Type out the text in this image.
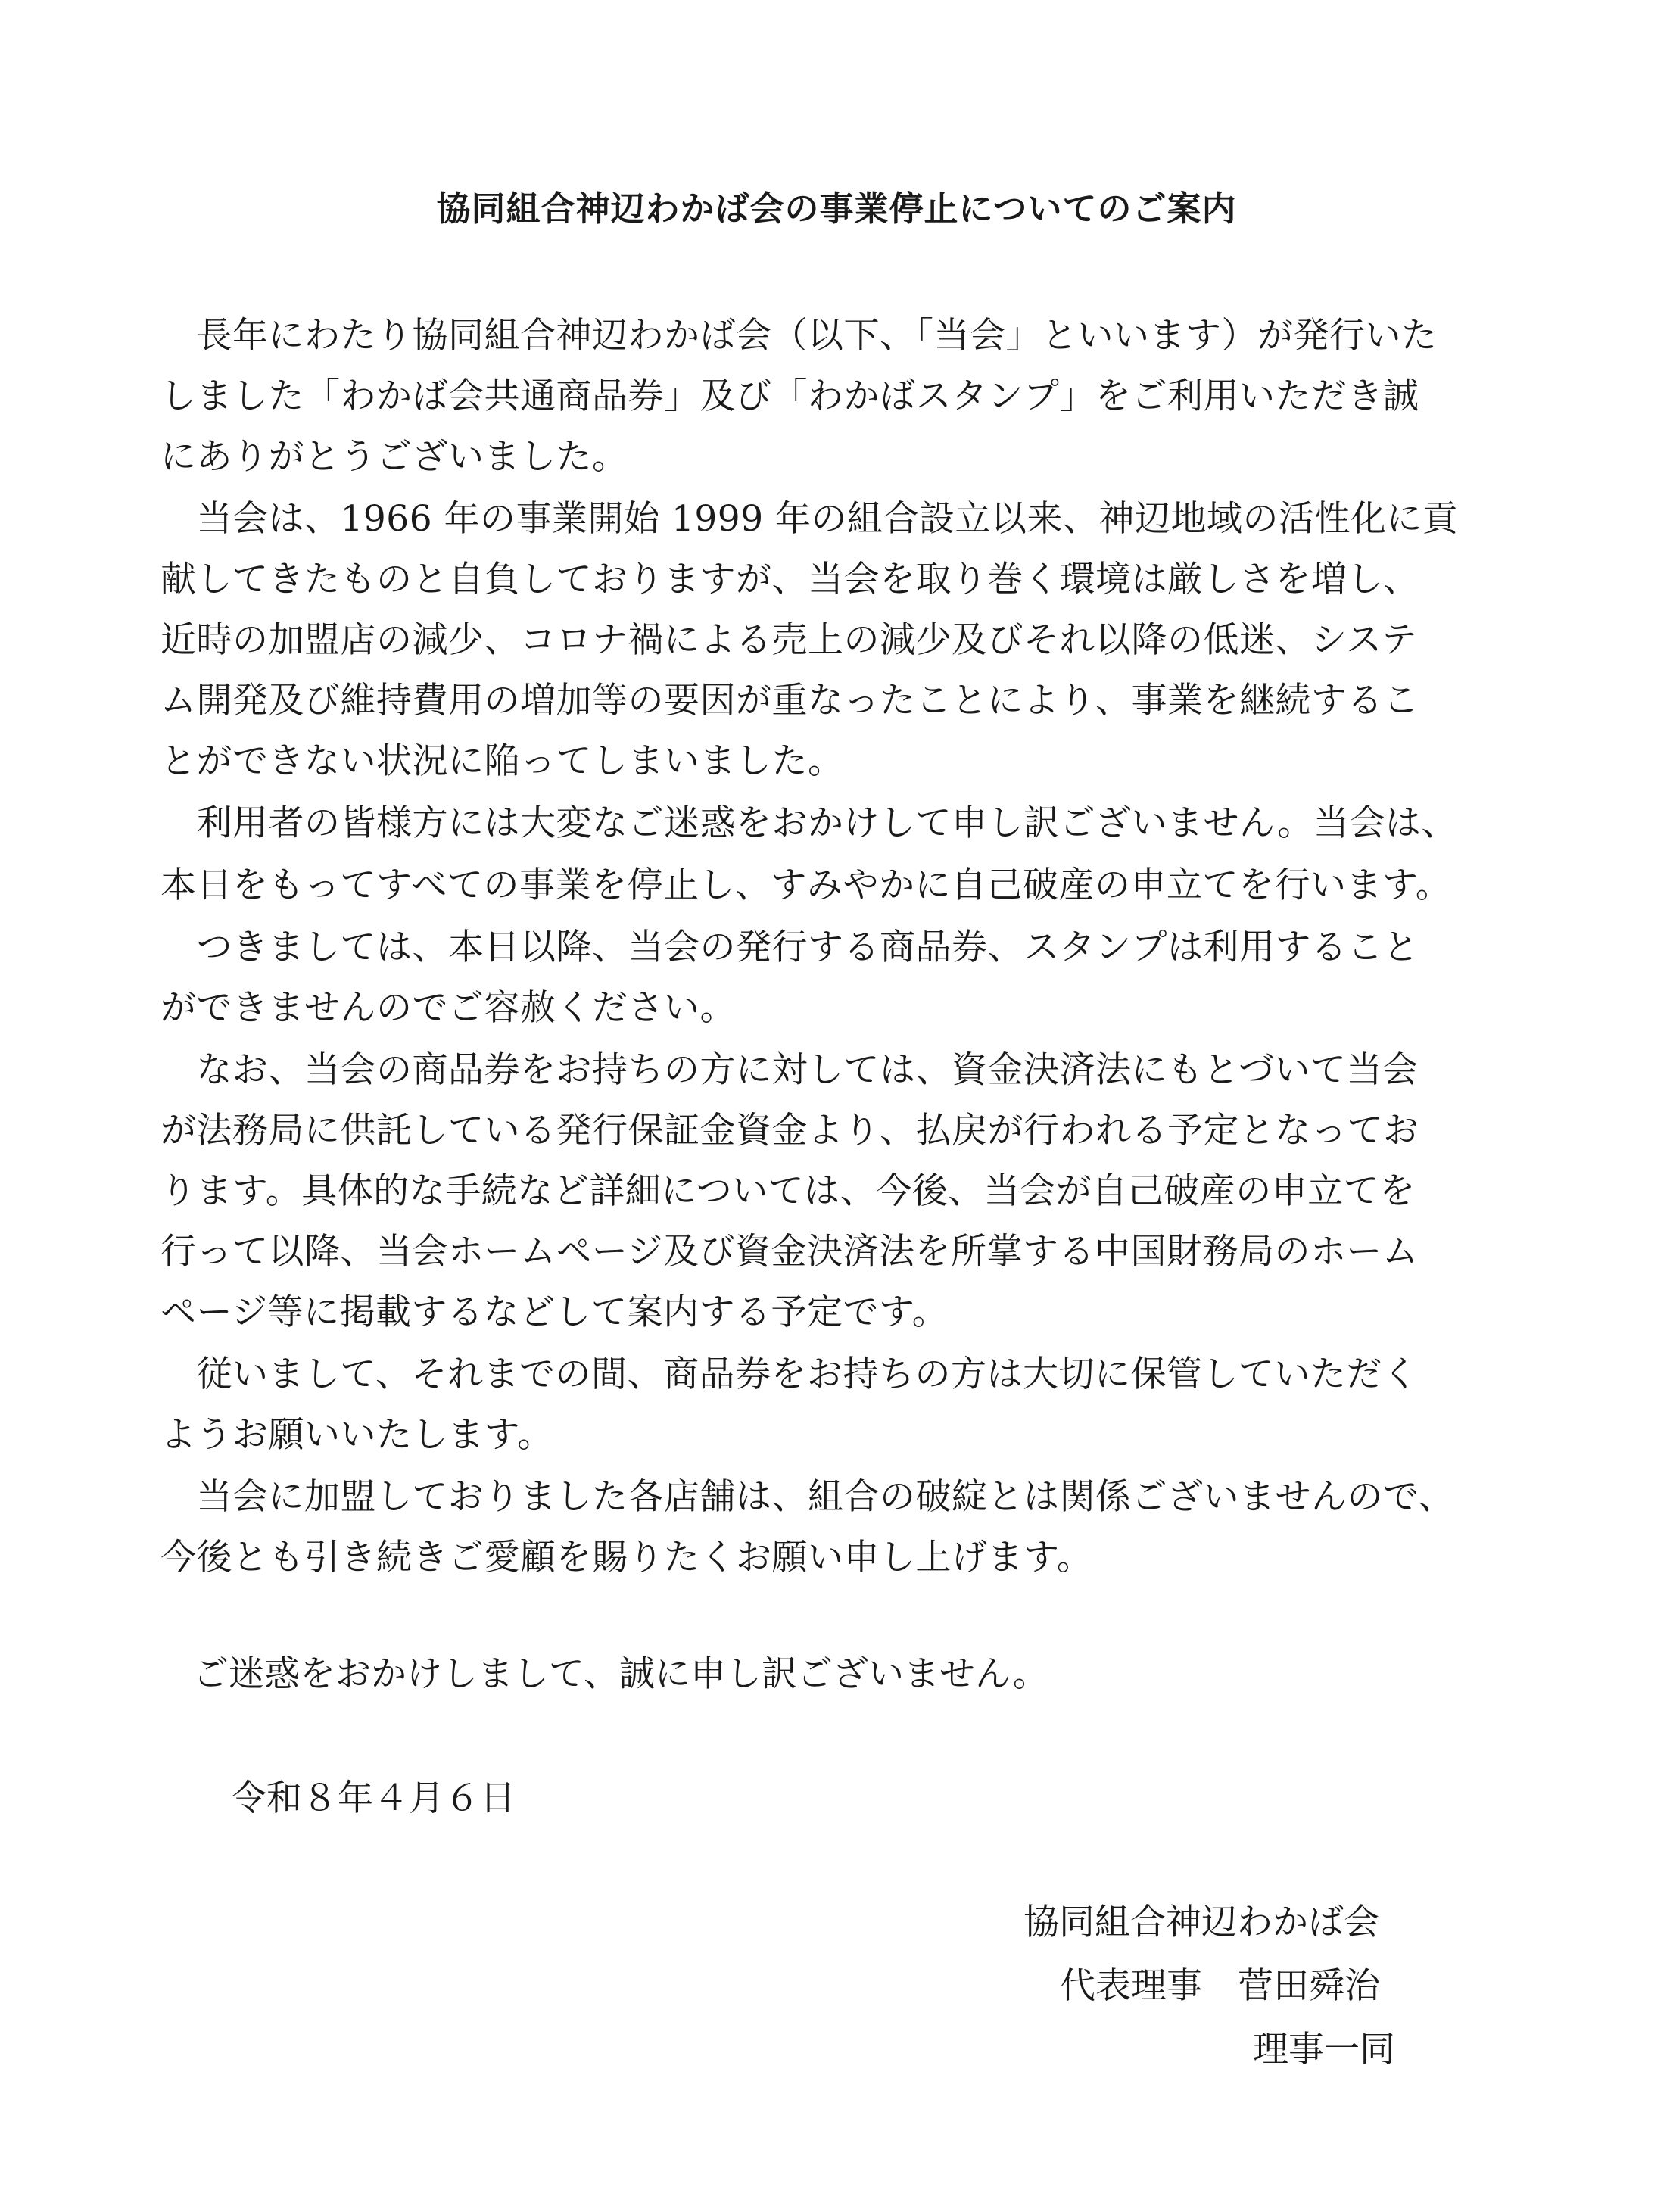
協同組合神辺わかば会の事業停止についてのご案内

　長年にわたり協同組合神辺わかば会（以下、「当会」といいます）が発行いた

しました「わかば会共通商品券」及び「わかばスタンプ」をご利用いただき誠

にありがとうございました。

　当会は、1966 年の事業開始 1999 年の組合設立以来、神辺地域の活性化に貢

献してきたものと自負しておりますが、当会を取り巻く環境は厳しさを増し、

近時の加盟店の減少、コロナ禍による売上の減少及びそれ以降の低迷、システ

ム開発及び維持費用の増加等の要因が重なったことにより、事業を継続するこ

とができない状況に陥ってしまいました。

　利用者の皆様方には大変なご迷惑をおかけして申し訳ございません。当会は、

本日をもってすべての事業を停止し、すみやかに自己破産の申立てを行います。

　つきましては、本日以降、当会の発行する商品券、スタンプは利用すること

ができませんのでご容赦ください。

　なお、当会の商品券をお持ちの方に対しては、資金決済法にもとづいて当会

が法務局に供託している発行保証金資金より、払戻が行われる予定となってお

ります。具体的な手続など詳細については、今後、当会が自己破産の申立てを

行って以降、当会ホームページ及び資金決済法を所掌する中国財務局のホーム

ページ等に掲載するなどして案内する予定です。

　従いまして、それまでの間、商品券をお持ちの方は大切に保管していただく

ようお願いいたします。

　当会に加盟しておりました各店舗は、組合の破綻とは関係ございませんので、

今後とも引き続きご愛顧を賜りたくお願い申し上げます。

ご迷惑をおかけしまして、誠に申し訳ございません。

令和８年４月６日

協同組合神辺わかば会

代表理事　菅田舜治

理事一同
